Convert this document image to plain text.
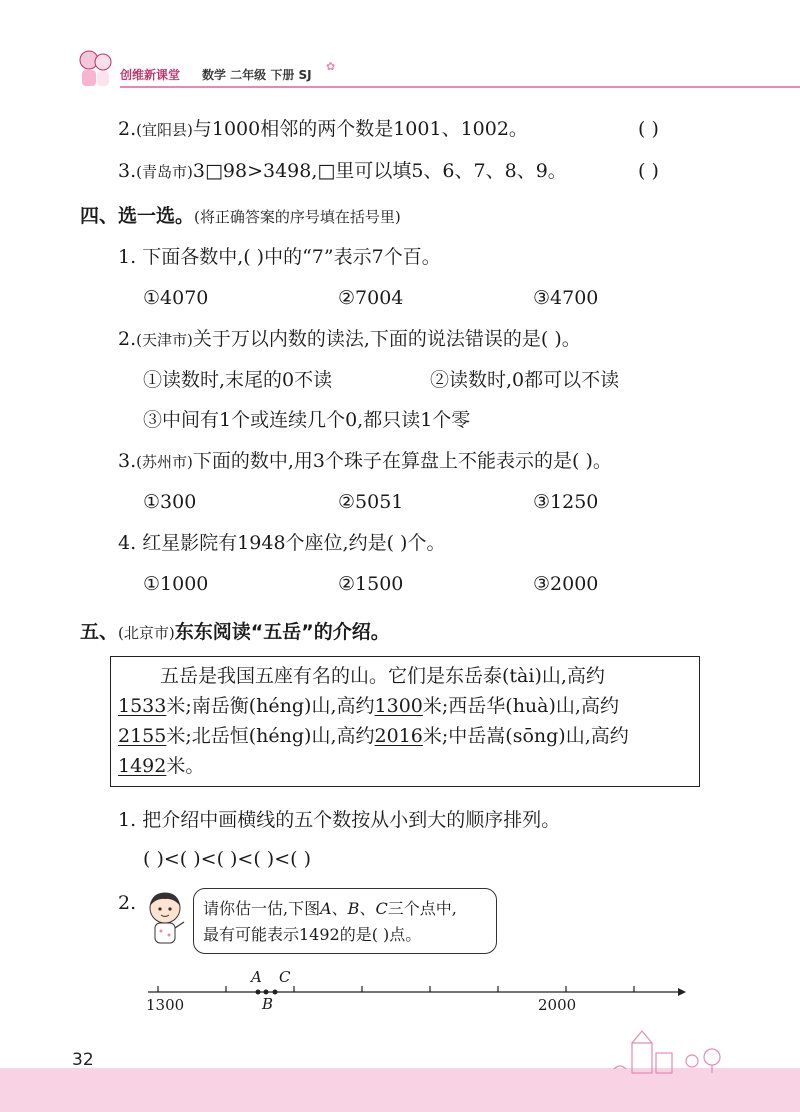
创维新课堂 数学 二年级 下册 SJ
✿
2.(宜阳县)与1000相邻的两个数是1001、1002。	( )
3.(青岛市)3□98>3498,□里可以填5、6、7、8、9。	( )
四、选一选。(将正确答案的序号填在括号里)
1. 下面各数中,( )中的“7”表示7个百。
①4070	②7004	③4700
2.(天津市)关于万以内数的读法,下面的说法错误的是( )。
①读数时,末尾的0不读	②读数时,0都可以不读
③中间有1个或连续几个0,都只读1个零
3.(苏州市)下面的数中,用3个珠子在算盘上不能表示的是( )。
①300	②5051	③1250
4. 红星影院有1948个座位,约是( )个。
①1000	②1500	③2000
五、(北京市)东东阅读“五岳”的介绍。
五岳是我国五座有名的山。它们是东岳泰(tài)山,高约
1533米;南岳衡(héng)山,高约1300米;西岳华(huà)山,高约
2155米;北岳恒(héng)山,高约2016米;中岳嵩(sōng)山,高约
1492米。
1. 把介绍中画横线的五个数按从小到大的顺序排列。
( )<( )<( )<( )<( )
2.	请你估一估,下图A、B、C三个点中,
最有可能表示1492的是( )点。
A C
B
1300	2000
32
